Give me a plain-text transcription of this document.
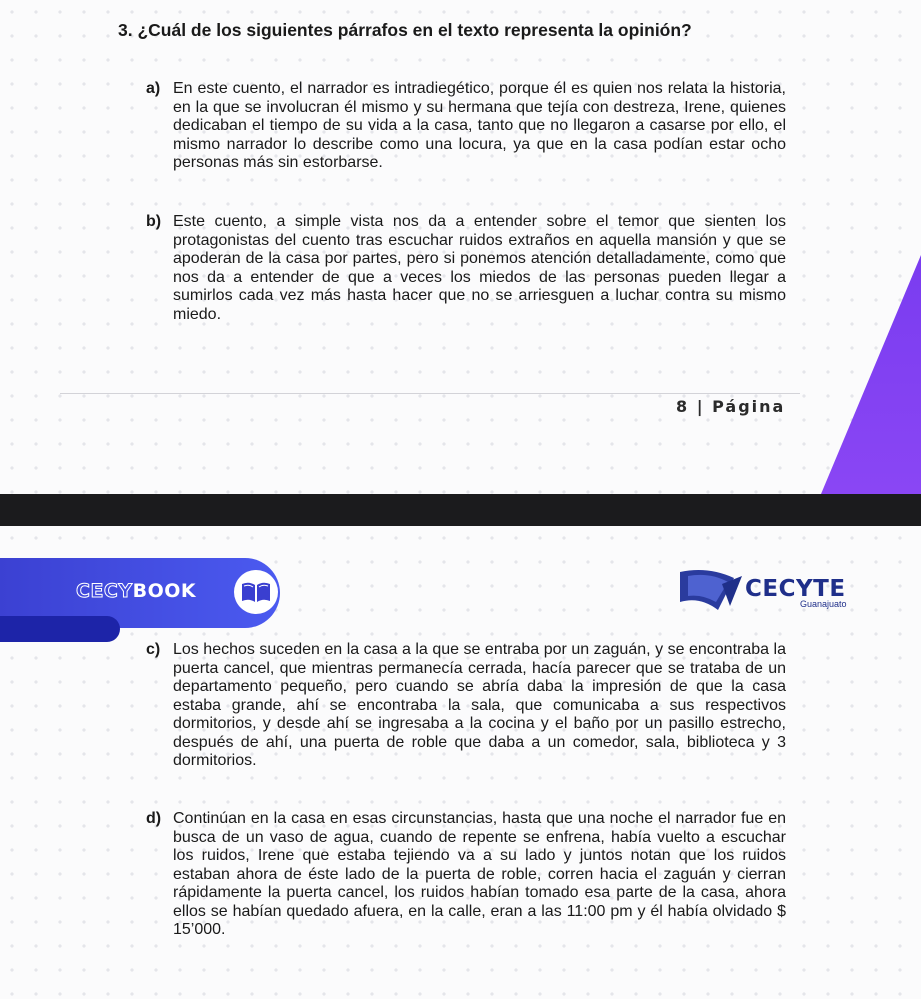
3. ¿Cuál de los siguientes párrafos en el texto representa la opinión?

a) En este cuento, el narrador es intradiegético, porque él es quien nos relata la historia, en la que se involucran él mismo y su hermana que tejía con destreza, Irene, quienes dedicaban el tiempo de su vida a la casa, tanto que no llegaron a casarse por ello, el mismo narrador lo describe como una locura, ya que en la casa podían estar ocho personas más sin estorbarse.
b) Este cuento, a simple vista nos da a entender sobre el temor que sienten los protagonistas del cuento tras escuchar ruidos extraños en aquella mansión y que se apoderan de la casa por partes, pero si ponemos atención detalladamente, como que nos da a entender de que a veces los miedos de las personas pueden llegar a sumirlos cada vez más hasta hacer que no se arriesguen a luchar contra su mismo miedo.
8 | Página
CECYBOOK	CECYTE
Guanajuato
c) Los hechos suceden en la casa a la que se entraba por un zaguán, y se encontraba la puerta cancel, que mientras permanecía cerrada, hacía parecer que se trataba de un departamento pequeño, pero cuando se abría daba la impresión de que la casa estaba grande, ahí se encontraba la sala, que comunicaba a sus respectivos dormitorios, y desde ahí se ingresaba a la cocina y el baño por un pasillo estrecho, después de ahí, una puerta de roble que daba a un comedor, sala, biblioteca y 3 dormitorios.
d) Continúan en la casa en esas circunstancias, hasta que una noche el narrador fue en busca de un vaso de agua, cuando de repente se enfrena, había vuelto a escuchar los ruidos, Irene que estaba tejiendo va a su lado y juntos notan que los ruidos estaban ahora de éste lado de la puerta de roble, corren hacia el zaguán y cierran rápidamente la puerta cancel, los ruidos habían tomado esa parte de la casa, ahora ellos se habían quedado afuera, en la calle, eran a las 11:00 pm y él había olvidado $ 15’000.
